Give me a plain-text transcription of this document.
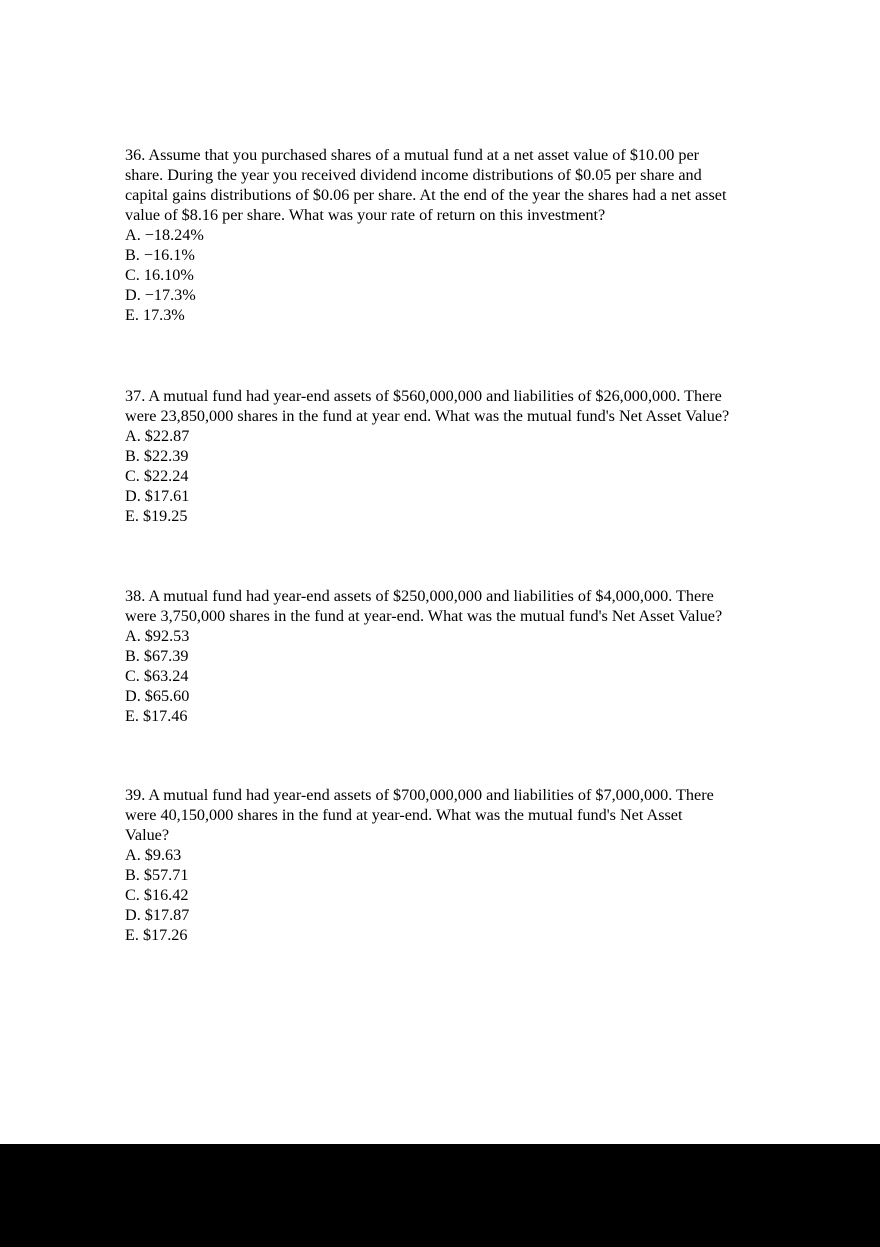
36. Assume that you purchased shares of a mutual fund at a net asset value of $10.00 per
share. During the year you received dividend income distributions of $0.05 per share and
capital gains distributions of $0.06 per share. At the end of the year the shares had a net asset
value of $8.16 per share. What was your rate of return on this investment?
A. −18.24%
B. −16.1%
C. 16.10%
D. −17.3%
E. 17.3%
37. A mutual fund had year-end assets of $560,000,000 and liabilities of $26,000,000. There
were 23,850,000 shares in the fund at year end. What was the mutual fund's Net Asset Value?
A. $22.87
B. $22.39
C. $22.24
D. $17.61
E. $19.25
38. A mutual fund had year-end assets of $250,000,000 and liabilities of $4,000,000. There
were 3,750,000 shares in the fund at year-end. What was the mutual fund's Net Asset Value?
A. $92.53
B. $67.39
C. $63.24
D. $65.60
E. $17.46
39. A mutual fund had year-end assets of $700,000,000 and liabilities of $7,000,000. There
were 40,150,000 shares in the fund at year-end. What was the mutual fund's Net Asset
Value?
A. $9.63
B. $57.71
C. $16.42
D. $17.87
E. $17.26
